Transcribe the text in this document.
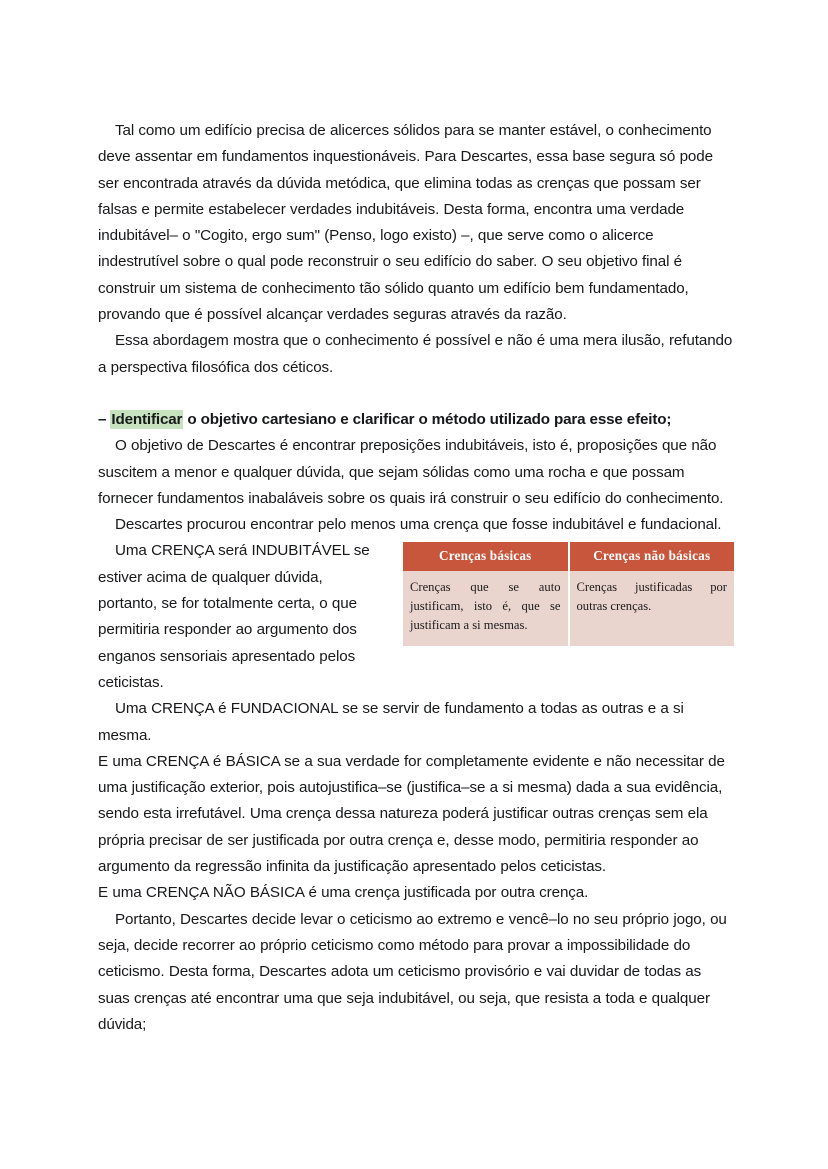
Tal como um edifício precisa de alicerces sólidos para se manter estável, o conhecimento deve assentar em fundamentos inquestionáveis. Para Descartes, essa base segura só pode ser encontrada através da dúvida metódica, que elimina todas as crenças que possam ser falsas e permite estabelecer verdades indubitáveis. Desta forma, encontra uma verdade indubitável– o "Cogito, ergo sum" (Penso, logo existo) –, que serve como o alicerce indestrutível sobre o qual pode reconstruir o seu edifício do saber. O seu objetivo final é construir um sistema de conhecimento tão sólido quanto um edifício bem fundamentado, provando que é possível alcançar verdades seguras através da razão.

Essa abordagem mostra que o conhecimento é possível e não é uma mera ilusão, refutando a perspectiva filosófica dos céticos.

– Identificar o objetivo cartesiano e clarificar o método utilizado para esse efeito;

O objetivo de Descartes é encontrar preposições indubitáveis, isto é, proposições que não suscitem a menor e qualquer dúvida, que sejam sólidas como uma rocha e que possam fornecer fundamentos inabaláveis sobre os quais irá construir o seu edifício do conhecimento.

Descartes procurou encontrar pelo menos uma crença que fosse indubitável e fundacional.

Crenças básicas	Crenças não básicas
Crenças que se auto justificam, isto é, que se justificam a si mesmas.	Crenças justificadas por outras crenças.

Uma CRENÇA será INDUBITÁVEL se estiver acima de qualquer dúvida, portanto, se for totalmente certa, o que permitiria responder ao argumento dos enganos sensoriais apresentado pelos ceticistas.

Uma CRENÇA é FUNDACIONAL se se servir de fundamento a todas as outras e a si mesma.

E uma CRENÇA é BÁSICA se a sua verdade for completamente evidente e não necessitar de uma justificação exterior, pois autojustifica–se (justifica–se a si mesma) dada a sua evidência, sendo esta irrefutável. Uma crença dessa natureza poderá justificar outras crenças sem ela própria precisar de ser justificada por outra crença e, desse modo, permitiria responder ao argumento da regressão infinita da justificação apresentado pelos ceticistas.

E uma CRENÇA NÃO BÁSICA é uma crença justificada por outra crença.

Portanto, Descartes decide levar o ceticismo ao extremo e vencê–lo no seu próprio jogo, ou seja, decide recorrer ao próprio ceticismo como método para provar a impossibilidade do ceticismo. Desta forma, Descartes adota um ceticismo provisório e vai duvidar de todas as suas crenças até encontrar uma que seja indubitável, ou seja, que resista a toda e qualquer dúvida;
